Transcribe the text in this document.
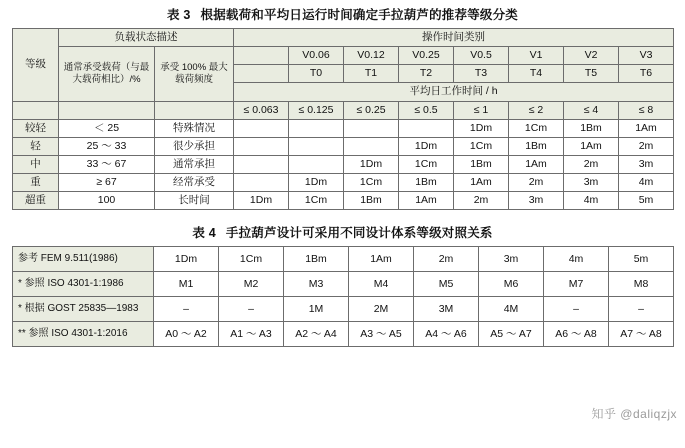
表 3 根据载荷和平均日运行时间确定手拉葫芦的推荐等级分类
等级	负载状态描述		操作时间类别							
	通常承受载荷（与最大载荷相比）/%	承受 100% 最大载荷频度		V0.06	V0.12	V0.25	V0.5	V1	V2	V3
				T0	T1	T2	T3	T4	T5	T6
			平均日工作时间 / h							
			≤ 0.063	≤ 0.125	≤ 0.25	≤ 0.5	≤ 1	≤ 2	≤ 4	≤ 8
较轻	＜ 25	特殊情况					1Dm	1Cm	1Bm	1Am
轻	25 ～ 33	很少承担				1Dm	1Cm	1Bm	1Am	2m
中	33 ～ 67	通常承担			1Dm	1Cm	1Bm	1Am	2m	3m
重	≥ 67	经常承受		1Dm	1Cm	1Bm	1Am	2m	3m	4m
超重	100	长时间	1Dm	1Cm	1Bm	1Am	2m	3m	4m	5m
表 4 手拉葫芦设计可采用不同设计体系等级对照关系
参考 FEM 9.511(1986)	1Dm	1Cm	1Bm	1Am	2m	3m	4m	5m
* 参照 ISO 4301-1:1986	M1	M2	M3	M4	M5	M6	M7	M8
* 根据 GOST 25835—1983	–	–	1M	2M	3M	4M	–	–
** 参照 ISO 4301-1:2016	A0 ～ A2	A1 ～ A3	A2 ～ A4	A3 ～ A5	A4 ～ A6	A5 ～ A7	A6 ～ A8	A7 ～ A8
知乎 @daliqzjx
